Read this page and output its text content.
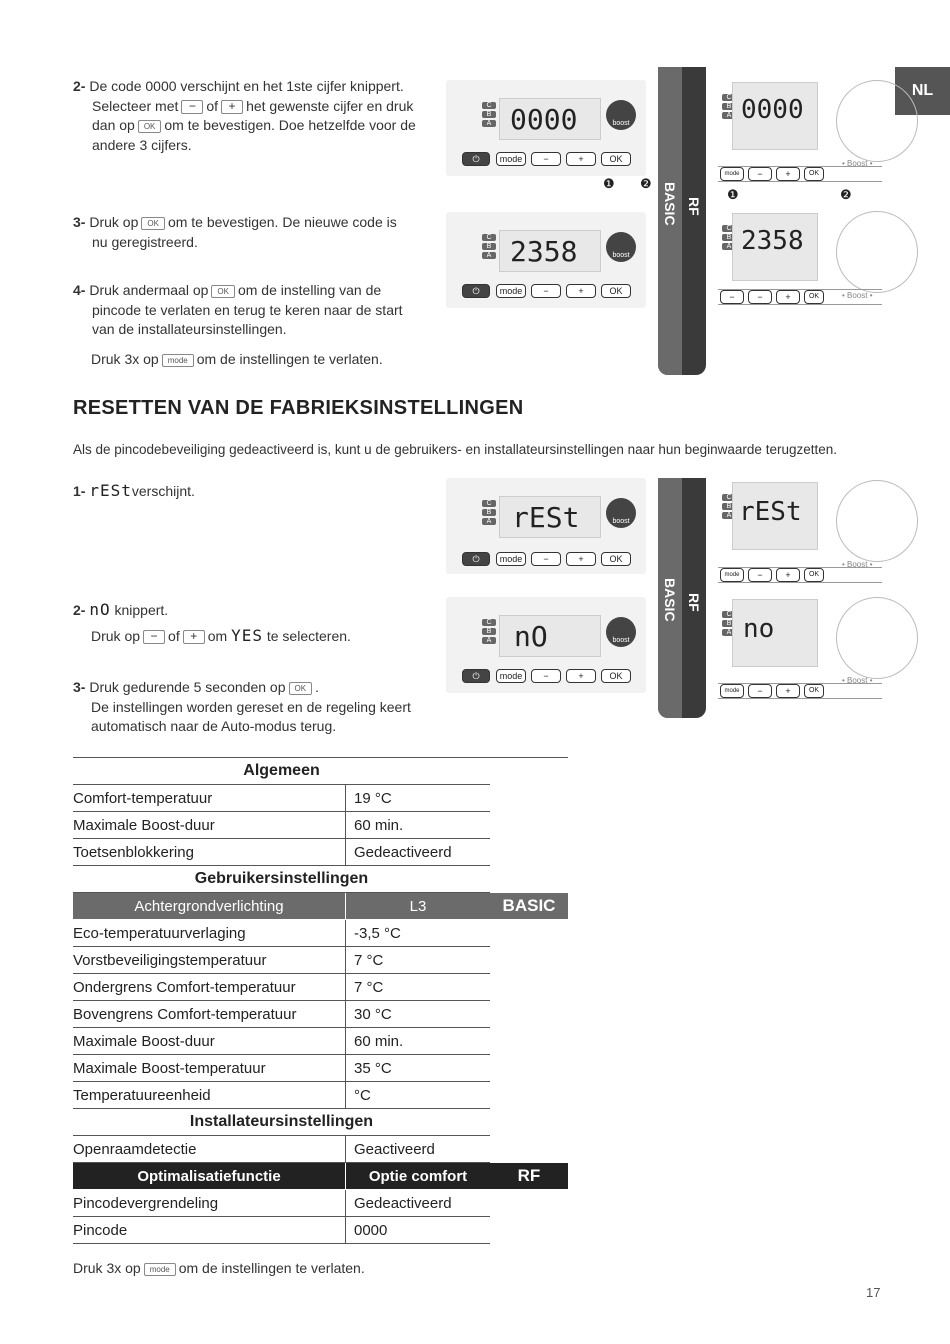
NL
2- De code 0000 verschijnt en het 1ste cijfer knippert.
Selecteer met − of + het gewenste cijfer en druk
dan op OK om te bevestigen. Doe hetzelfde voor de
andere 3 cijfers.
3- Druk op OK om te bevestigen. De nieuwe code is
nu geregistreerd.
4- Druk andermaal op OK om de instelling van de
pincode te verlaten en terug te keren naar de start
van de installateursinstellingen.
Druk 3x op mode om de instellingen te verlaten.
C
B
A 0000	boost
⏻	mode	−	+	OK
❶ ❷
C
B
A 2358	boost
⏻	mode	−	+	OK
BASIC RF
C
B
A 0000
mode	−	+	OK
• Boost •
❶	❷
C
B
A 2358
−	−	+	OK	• Boost •
RESETTEN VAN DE FABRIEKSINSTELLINGEN
Als de pincodebeveiliging gedeactiveerd is, kunt u de gebruikers- en installateursinstellingen naar hun beginwaarde terugzetten.
1- rEStverschijnt.
2- nO knippert.
Druk op − of + om YES te selecteren.
3- Druk gedurende 5 seconden op OK .
De instellingen worden gereset en de regeling keert
automatisch naar de Auto-modus terug.
C
B
A rESt	boost
⏻	mode	−	+	OK
C
B
A nO	boost
⏻	mode	−	+	OK
BASIC RF
C
B
A rESt
mode	−	+	OK
• Boost •
C
B
A no
mode	−	+	OK
• Boost •
Algemeen		
Comfort-temperatuur	19 °C	
Maximale Boost-duur	60 min.	
Toetsenblokkering	Gedeactiveerd	
Gebruikersinstellingen		
Achtergrondverlichting	L3	BASIC
Eco-temperatuurverlaging	-3,5 °C	
Vorstbeveiligingstemperatuur	7 °C	
Ondergrens Comfort-temperatuur	7 °C	
Bovengrens Comfort-temperatuur	30 °C	
Maximale Boost-duur	60 min.	
Maximale Boost-temperatuur	35 °C	
Temperatuureenheid	°C	
Installateursinstellingen		
Openraamdetectie	Geactiveerd	
Optimalisatiefunctie	Optie comfort	RF
Pincodevergrendeling	Gedeactiveerd	
Pincode	0000	
Druk 3x op mode om de instellingen te verlaten.
17
